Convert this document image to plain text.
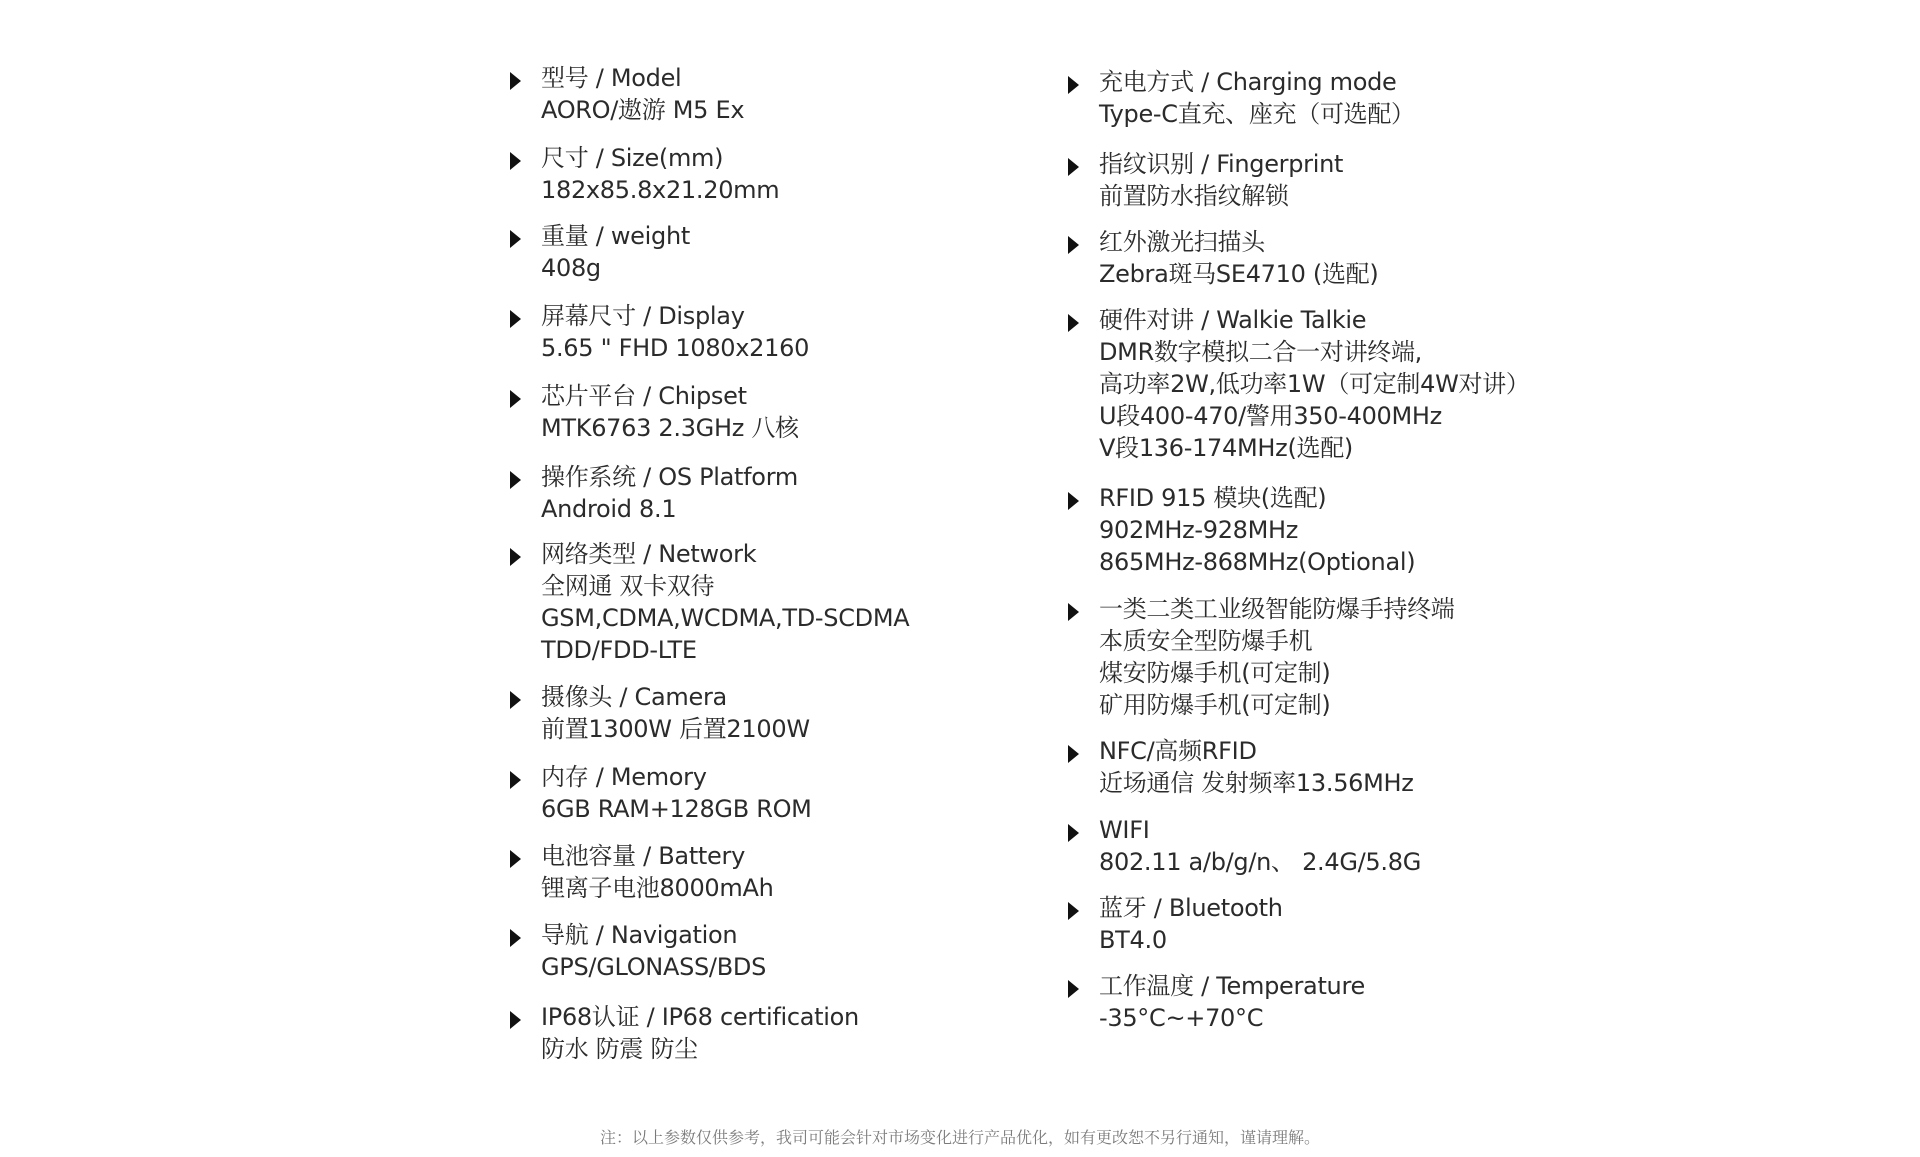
型号 / Model
AORO/遨游 M5 Ex
尺寸 / Size(mm)
182x85.8x21.20mm
重量 / weight
408g
屏幕尺寸 / Display
5.65 " FHD 1080x2160
芯片平台 / Chipset
MTK6763 2.3GHz 八核
操作系统 / OS Platform
Android 8.1
网络类型 / Network
全网通 双卡双待
GSM,CDMA,WCDMA,TD-SCDMA
TDD/FDD-LTE
摄像头 / Camera
前置1300W 后置2100W
内存 / Memory
6GB RAM+128GB ROM
电池容量 / Battery
锂离子电池8000mAh
导航 / Navigation
GPS/GLONASS/BDS
IP68认证 / IP68 certification
防水 防震 防尘
充电方式 / Charging mode
Type-C直充、座充（可选配）
指纹识别 / Fingerprint
前置防水指纹解锁
红外激光扫描头
Zebra斑马SE4710 (选配)
硬件对讲 / Walkie Talkie
DMR数字模拟二合一对讲终端,
高功率2W,低功率1W（可定制4W对讲）
U段400-470/警用350-400MHz
V段136-174MHz(选配)
RFID 915 模块(选配)
902MHz-928MHz
865MHz-868MHz(Optional)
一类二类工业级智能防爆手持终端
本质安全型防爆手机
煤安防爆手机(可定制)
矿用防爆手机(可定制)
NFC/高频RFID
近场通信 发射频率13.56MHz
WIFI
802.11 a/b/g/n、 2.4G/5.8G
蓝牙 / Bluetooth
BT4.0
工作温度 / Temperature
-35°C~+70°C
注：以上参数仅供参考，我司可能会针对市场变化进行产品优化，如有更改恕不另行通知，谨请理解。
